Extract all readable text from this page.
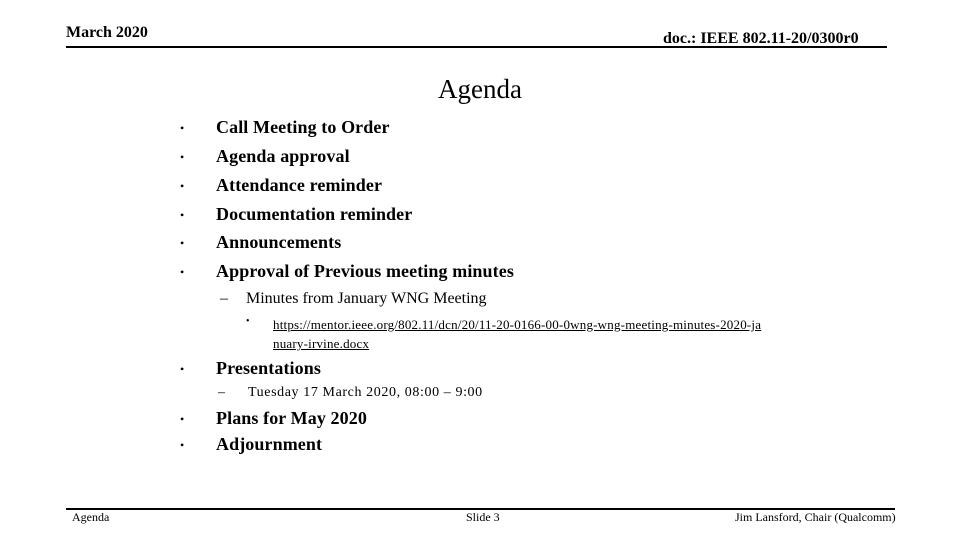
March 2020	doc.: IEEE 802.11-20/0300r0
Agenda
• Call Meeting to Order
• Agenda approval
• Attendance reminder
• Documentation reminder
• Announcements
• Approval of Previous meeting minutes
– Minutes from January WNG Meeting
• https://mentor.ieee.org/802.11/dcn/20/11-20-0166-00-0wng-wng-meeting-minutes-2020-january-irvine.docx
• Presentations
– Tuesday 17 March 2020, 08:00 – 9:00
• Plans for May 2020
• Adjournment
Agenda	Slide 3	Jim Lansford, Chair (Qualcomm)
